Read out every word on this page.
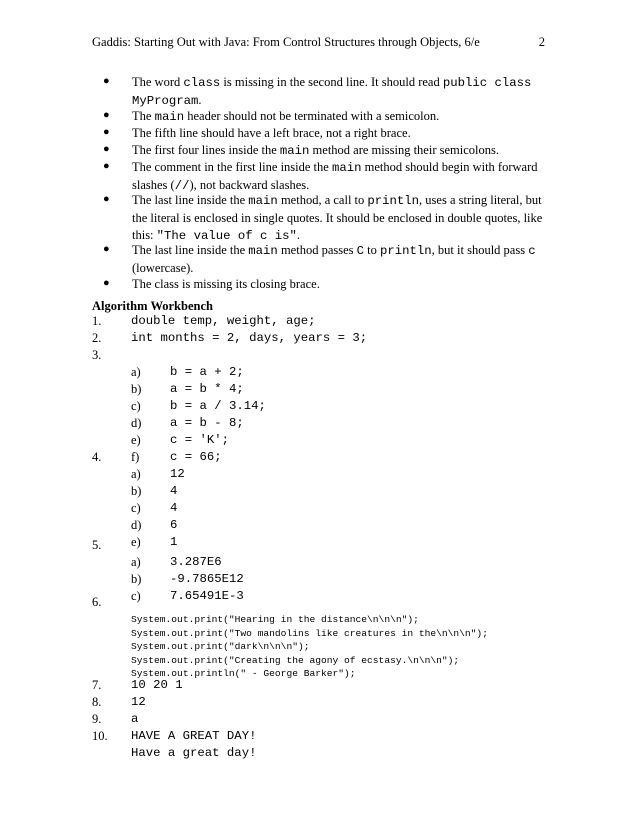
Gaddis: Starting Out with Java: From Control Structures through Objects, 6/e	2
● The word class is missing in the second line. It should read public class MyProgram.
● The main header should not be terminated with a semicolon.
● The fifth line should have a left brace, not a right brace.
● The first four lines inside the main method are missing their semicolons.
● The comment in the first line inside the main method should begin with forward slashes (//), not backward slashes.
● The last line inside the main method, a call to println, uses a string literal, but the literal is enclosed in single quotes. It should be enclosed in double quotes, like this: "The value of c is".
● The last line inside the main method passes C to println, but it should pass c (lowercase).
● The class is missing its closing brace.
Algorithm Workbench
1. double temp, weight, age;
2. int months = 2, days, years = 3;
3.
a) b = a + 2;
b) a = b * 4;
c) b = a / 3.14;
d) a = b - 8;
e) c = 'K';
f) c = 66;
4.
a) 12
b) 4
c) 4
d) 6
e) 1
5.
a) 3.287E6
b) -9.7865E12
c) 7.65491E-3
6.
System.out.print("Hearing in the distance\n\n\n");
System.out.print("Two mandolins like creatures in the\n\n\n");
System.out.print("dark\n\n\n");
System.out.print("Creating the agony of ecstasy.\n\n\n");
System.out.println(" - George Barker");
7. 10 20 1
8. 12
9. a
10. HAVE A GREAT DAY!
Have a great day!
